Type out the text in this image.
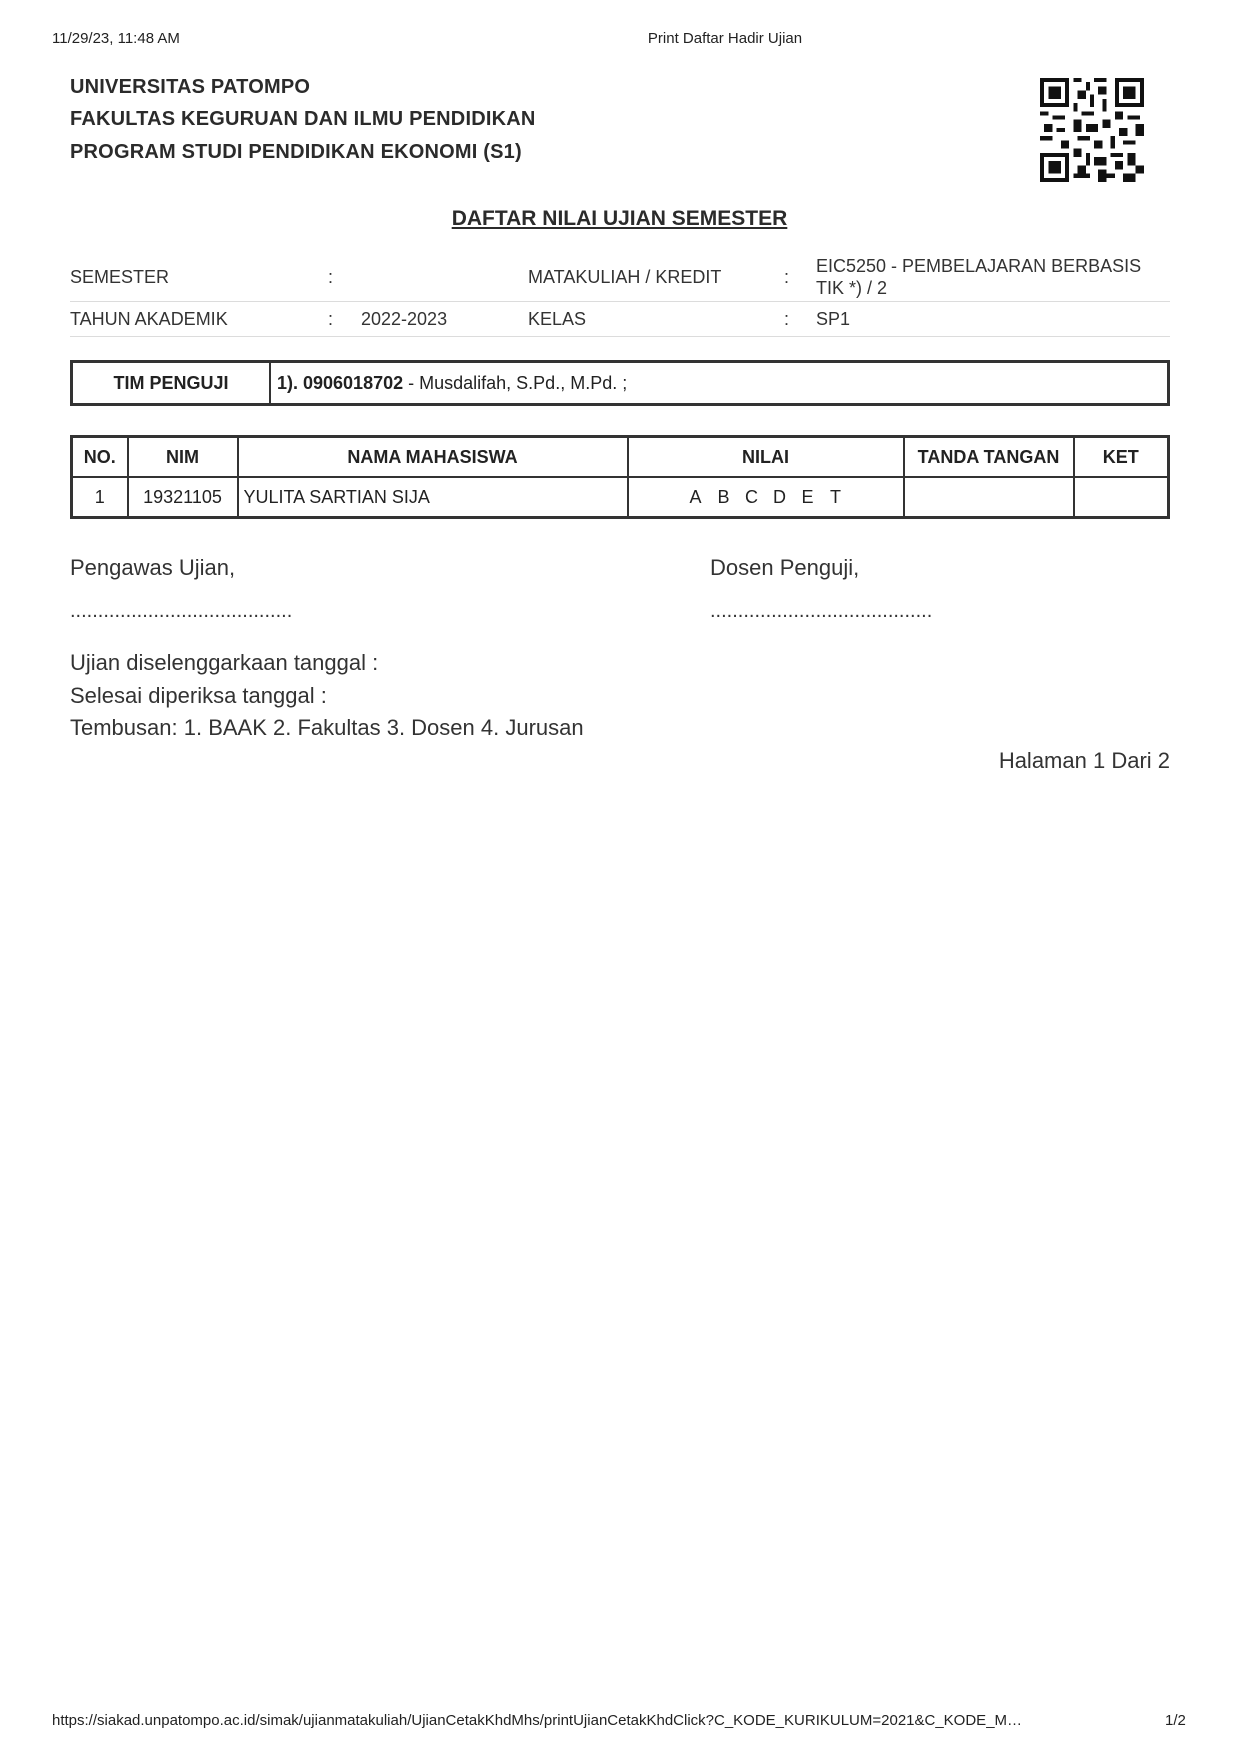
11/29/23, 11:48 AM	Print Daftar Hadir Ujian
UNIVERSITAS PATOMPO
FAKULTAS KEGURUAN DAN ILMU PENDIDIKAN
PROGRAM STUDI PENDIDIKAN EKONOMI (S1)
DAFTAR NILAI UJIAN SEMESTER
SEMESTER	:		MATAKULIAH / KREDIT	:	EIC5250 - PEMBELAJARAN BERBASIS TIK *) / 2
TAHUN AKADEMIK	:	2022-2023	KELAS	:	SP1
TIM PENGUJI	1). 0906018702 - Musdalifah, S.Pd., M.Pd. ;
NO.	NIM	NAMA MAHASISWA	NILAI	TANDA TANGAN	KET
1	19321105	YULITA SARTIAN SIJA	A B C D E T		
Pengawas Ujian,	Dosen Penguji,
........................................	........................................
Ujian diselenggarkaan tanggal :
Selesai diperiksa tanggal :
Tembusan: 1. BAAK 2. Fakultas 3. Dosen 4. Jurusan
Halaman 1 Dari 2
https://siakad.unpatompo.ac.id/simak/ujianmatakuliah/UjianCetakKhdMhs/printUjianCetakKhdClick?C_KODE_KURIKULUM=2021&C_KODE_M…	1/2
